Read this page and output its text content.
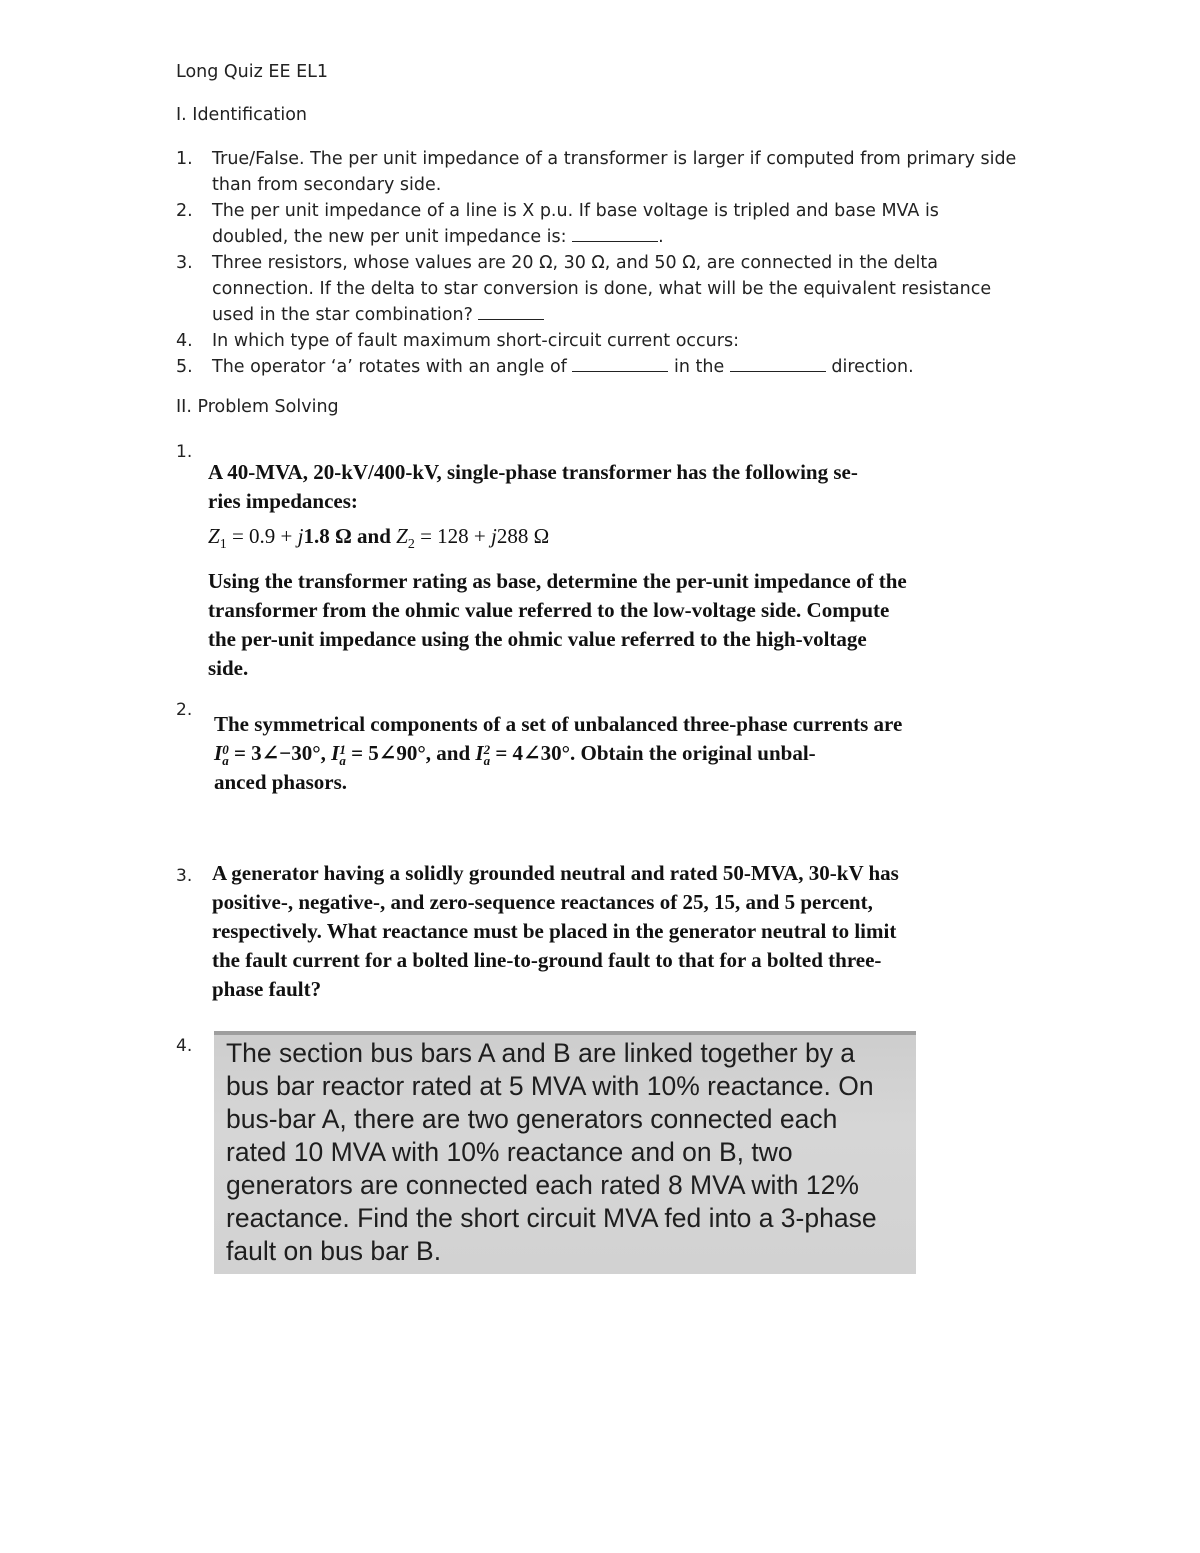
Long Quiz EE EL1
I. Identification

1. True/False. The per unit impedance of a transformer is larger if computed from primary side
than from secondary side.

2. The per unit impedance of a line is X p.u. If base voltage is tripled and base MVA is
doubled, the new per unit impedance is:	.

3. Three resistors, whose values are 20 Ω, 30 Ω, and 50 Ω, are connected in the delta
connection. If the delta to star conversion is done, what will be the equivalent resistance
used in the star combination?

4. In which type of fault maximum short-circuit current occurs:

5. The operator ‘a’ rotates with an angle of	in the	direction.

II. Problem Solving
1.
A 40-MVA, 20-kV/400-kV, single-phase transformer has the following se-
ries impedances:
$Z_1 = 0.9 + j1.8$ Ω and $Z_2 = 128 + j288$ Ω
Using the transformer rating as base, determine the per-unit impedance of the
transformer from the ohmic value referred to the low-voltage side. Compute
the per-unit impedance using the ohmic value referred to the high-voltage
side.
2.
The symmetrical components of a set of unbalanced three-phase currents are
I0
a = 3∠−30°, I1
a = 5∠90°, and I2
a = 4∠30°. Obtain the original unbal-
anced phasors.
3. A generator having a solidly grounded neutral and rated 50-MVA, 30-kV has
positive-, negative-, and zero-sequence reactances of 25, 15, and 5 percent,
respectively. What reactance must be placed in the generator neutral to limit
the fault current for a bolted line-to-ground fault to that for a bolted three-
phase fault?
4. The section bus bars A and B are linked together by a

bus bar reactor rated at 5 MVA with 10% reactance. On

bus-bar A, there are two generators connected each

rated 10 MVA with 10% reactance and on B, two

generators are connected each rated 8 MVA with 12%

reactance. Find the short circuit MVA fed into a 3-phase

fault on bus bar B.
